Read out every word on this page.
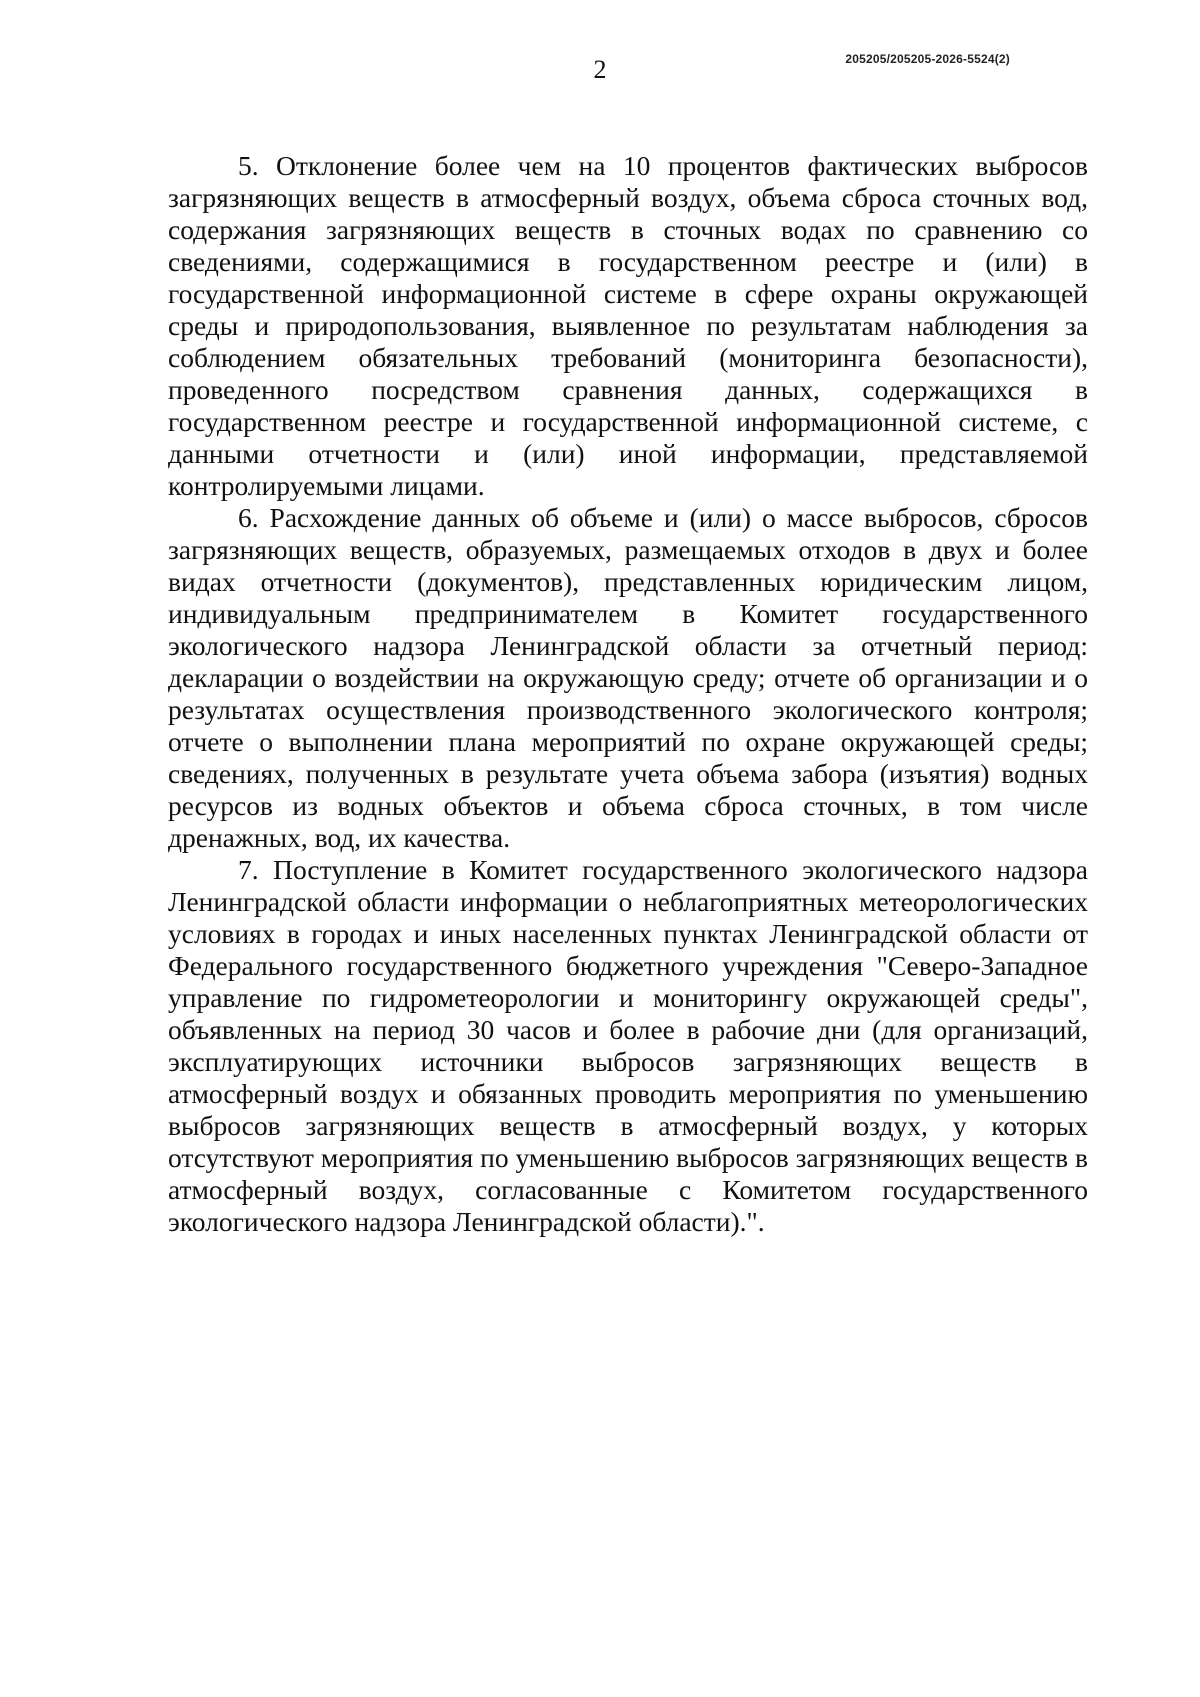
2	205205/205205-2026-5524(2)

5. Отклонение более чем на 10 процентов фактических выбросов загрязняющих веществ в атмосферный воздух, объема сброса сточных вод, содержания загрязняющих веществ в сточных водах по сравнению со сведениями, содержащимися в государственном реестре и (или) в государственной информационной системе в сфере охраны окружающей среды и природопользования, выявленное по результатам наблюдения за соблюдением обязательных требований (мониторинга безопасности), проведенного посредством сравнения данных, содержащихся в государственном реестре и государственной информационной системе, с данными отчетности и (или) иной информации, представляемой контролируемыми лицами.

6. Расхождение данных об объеме и (или) о массе выбросов, сбросов загрязняющих веществ, образуемых, размещаемых отходов в двух и более видах отчетности (документов), представленных юридическим лицом, индивидуальным предпринимателем в Комитет государственного экологического надзора Ленинградской области за отчетный период: декларации о воздействии на окружающую среду; отчете об организации и о результатах осуществления производственного экологического контроля; отчете о выполнении плана мероприятий по охране окружающей среды; сведениях, полученных в результате учета объема забора (изъятия) водных ресурсов из водных объектов и объема сброса сточных, в том числе дренажных, вод, их качества.

7. Поступление в Комитет государственного экологического надзора Ленинградской области информации о неблагоприятных метеорологических условиях в городах и иных населенных пунктах Ленинградской области от Федерального государственного бюджетного учреждения "Северо-Западное управление по гидрометеорологии и мониторингу окружающей среды", объявленных на период 30 часов и более в рабочие дни (для организаций, эксплуатирующих источники выбросов загрязняющих веществ в атмосферный воздух и обязанных проводить мероприятия по уменьшению выбросов загрязняющих веществ в атмосферный воздух, у которых отсутствуют мероприятия по уменьшению выбросов загрязняющих веществ в атмосферный воздух, согласованные с Комитетом государственного экологического надзора Ленинградской области).".
